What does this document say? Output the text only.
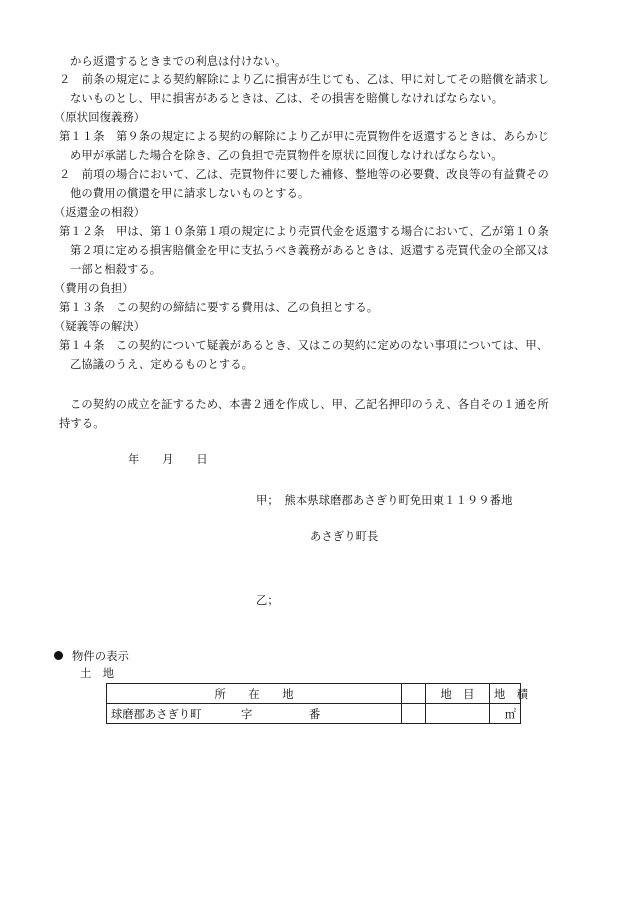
から返還するときまでの利息は付けない。
２　前条の規定による契約解除により乙に損害が生じても、乙は、甲に対してその賠償を請求し
ないものとし、甲に損害があるときは、乙は、その損害を賠償しなければならない。
（原状回復義務）
第１１条　第９条の規定による契約の解除により乙が甲に売買物件を返還するときは、あらかじ
め甲が承諾した場合を除き、乙の負担で売買物件を原状に回復しなければならない。
２　前項の場合において、乙は、売買物件に要した補修、整地等の必要費、改良等の有益費その
他の費用の償還を甲に請求しないものとする。
（返還金の相殺）
第１２条　甲は、第１０条第１項の規定により売買代金を返還する場合において、乙が第１０条
第２項に定める損害賠償金を甲に支払うべき義務があるときは、返還する売買代金の全部又は
一部と相殺する。
（費用の負担）
第１３条　この契約の締結に要する費用は、乙の負担とする。
（疑義等の解決）
第１４条　この契約について疑義があるとき、又はこの契約に定めのない事項については、甲、
乙協議のうえ、定めるものとする。
この契約の成立を証するため、本書２通を作成し、甲、乙記名押印のうえ、各自その１通を所
持する。
年　　月　　日
甲；　熊本県球磨郡あさぎり町免田東１１９９番地
あさぎり町長
乙；
物件の表示
土　地
所　　在　　地		地　目	地　積

球磨郡あさぎり町 字 番			㎡
